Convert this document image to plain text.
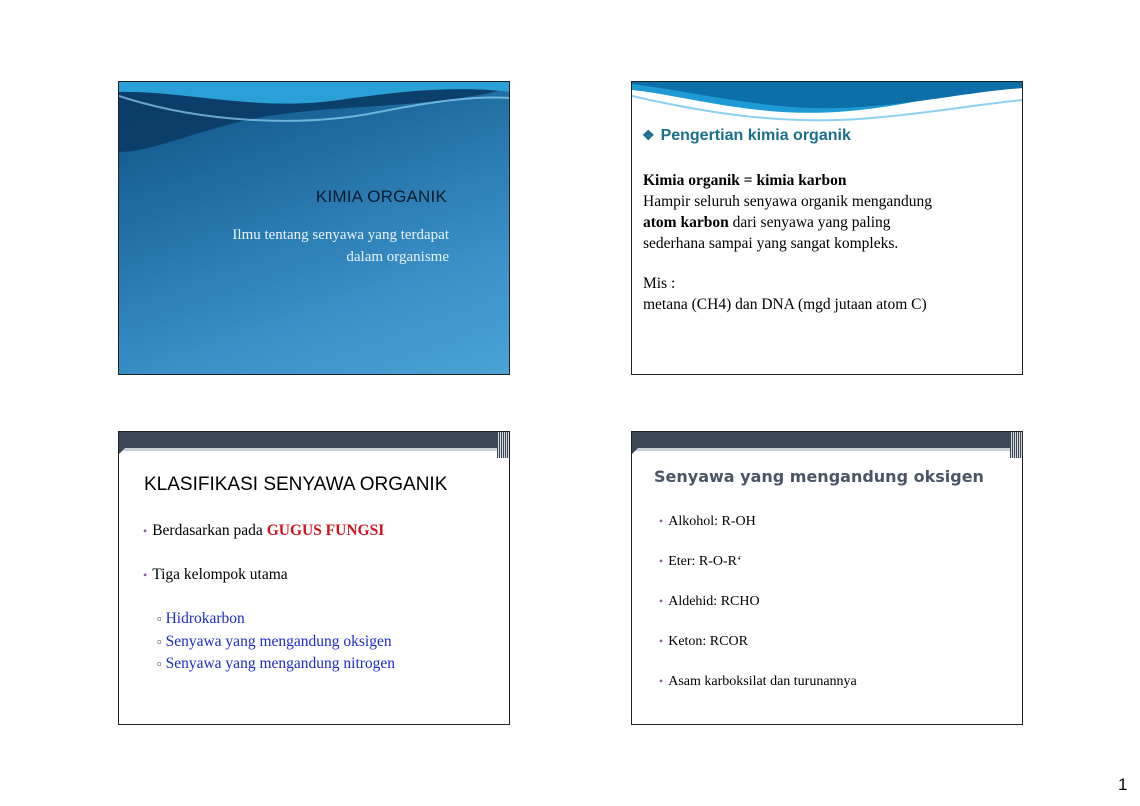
KIMIA ORGANIK
Ilmu tentang senyawa yang terdapat
dalam organisme
❖ Pengertian kimia organik

Kimia organik = kimia karbon

Hampir seluruh senyawa organik mengandung

atom karbon dari senyawa yang paling

sederhana sampai yang sangat kompleks.

Mis :

metana (CH4) dan DNA (mgd jutaan atom C)

KLASIFIKASI SENYAWA ORGANIK
• Berdasarkan pada GUGUS FUNGSI
• Tiga kelompok utama
▫ Hidrokarbon
▫ Senyawa yang mengandung oksigen
▫ Senyawa yang mengandung nitrogen
Senyawa yang mengandung oksigen
• Alkohol: R-OH
• Eter: R-O-R‘
• Aldehid: RCHO
• Keton: RCOR
• Asam karboksilat dan turunannya
1
